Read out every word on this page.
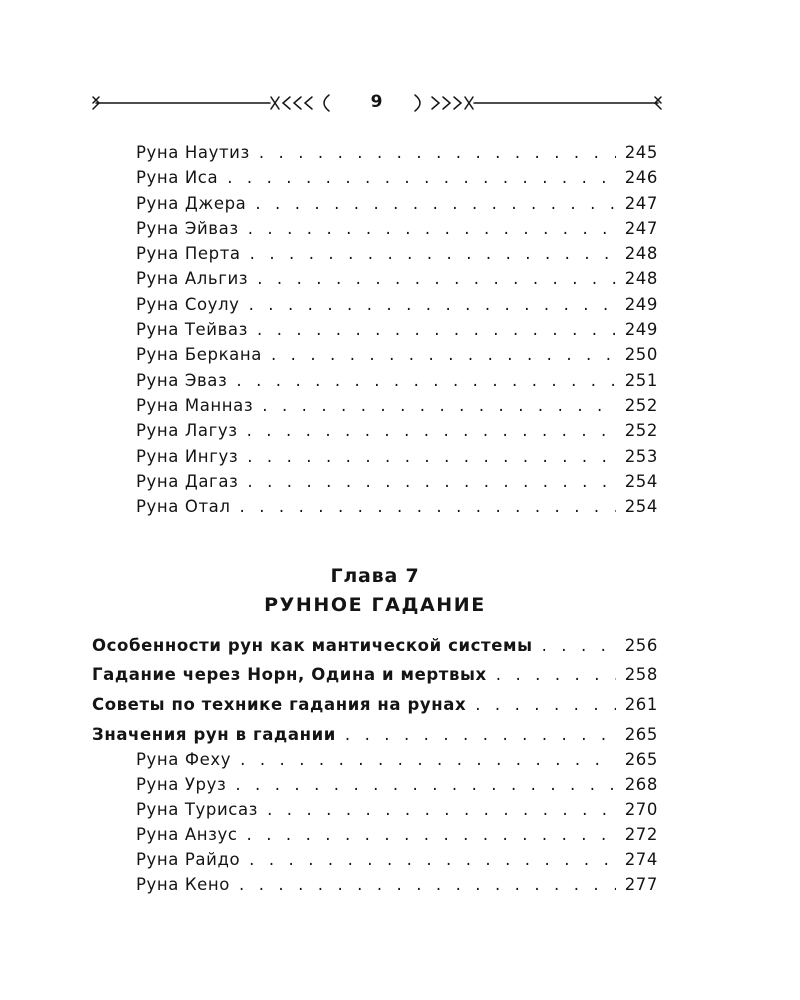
9
Руна Наутиз . . .	245
Руна Иса . . .	246
Руна Джера . . .	247
Руна Эйваз . . .	247
Руна Перта . . .	248
Руна Альгиз . . .	248
Руна Соулу . . .	249
Руна Тейваз . . .	249
Руна Беркана . . .	250
Руна Эваз . . .	251
Руна Манназ . . .	252
Руна Лагуз . . .	252
Руна Ингуз . . .	253
Руна Дагаз . . .	254
Руна Отал . . .	254
Глава 7
РУННОЕ ГАДАНИЕ
Особенности рун как мантической системы . . .	256
Гадание через Норн, Одина и мертвых . . .	258
Советы по технике гадания на рунах . . .	261
Значения рун в гадании . . .	265
Руна Феху . . .	265
Руна Уруз . . .	268
Руна Турисаз . . .	270
Руна Анзус . . .	272
Руна Райдо . . .	274
Руна Кено . . .	277
